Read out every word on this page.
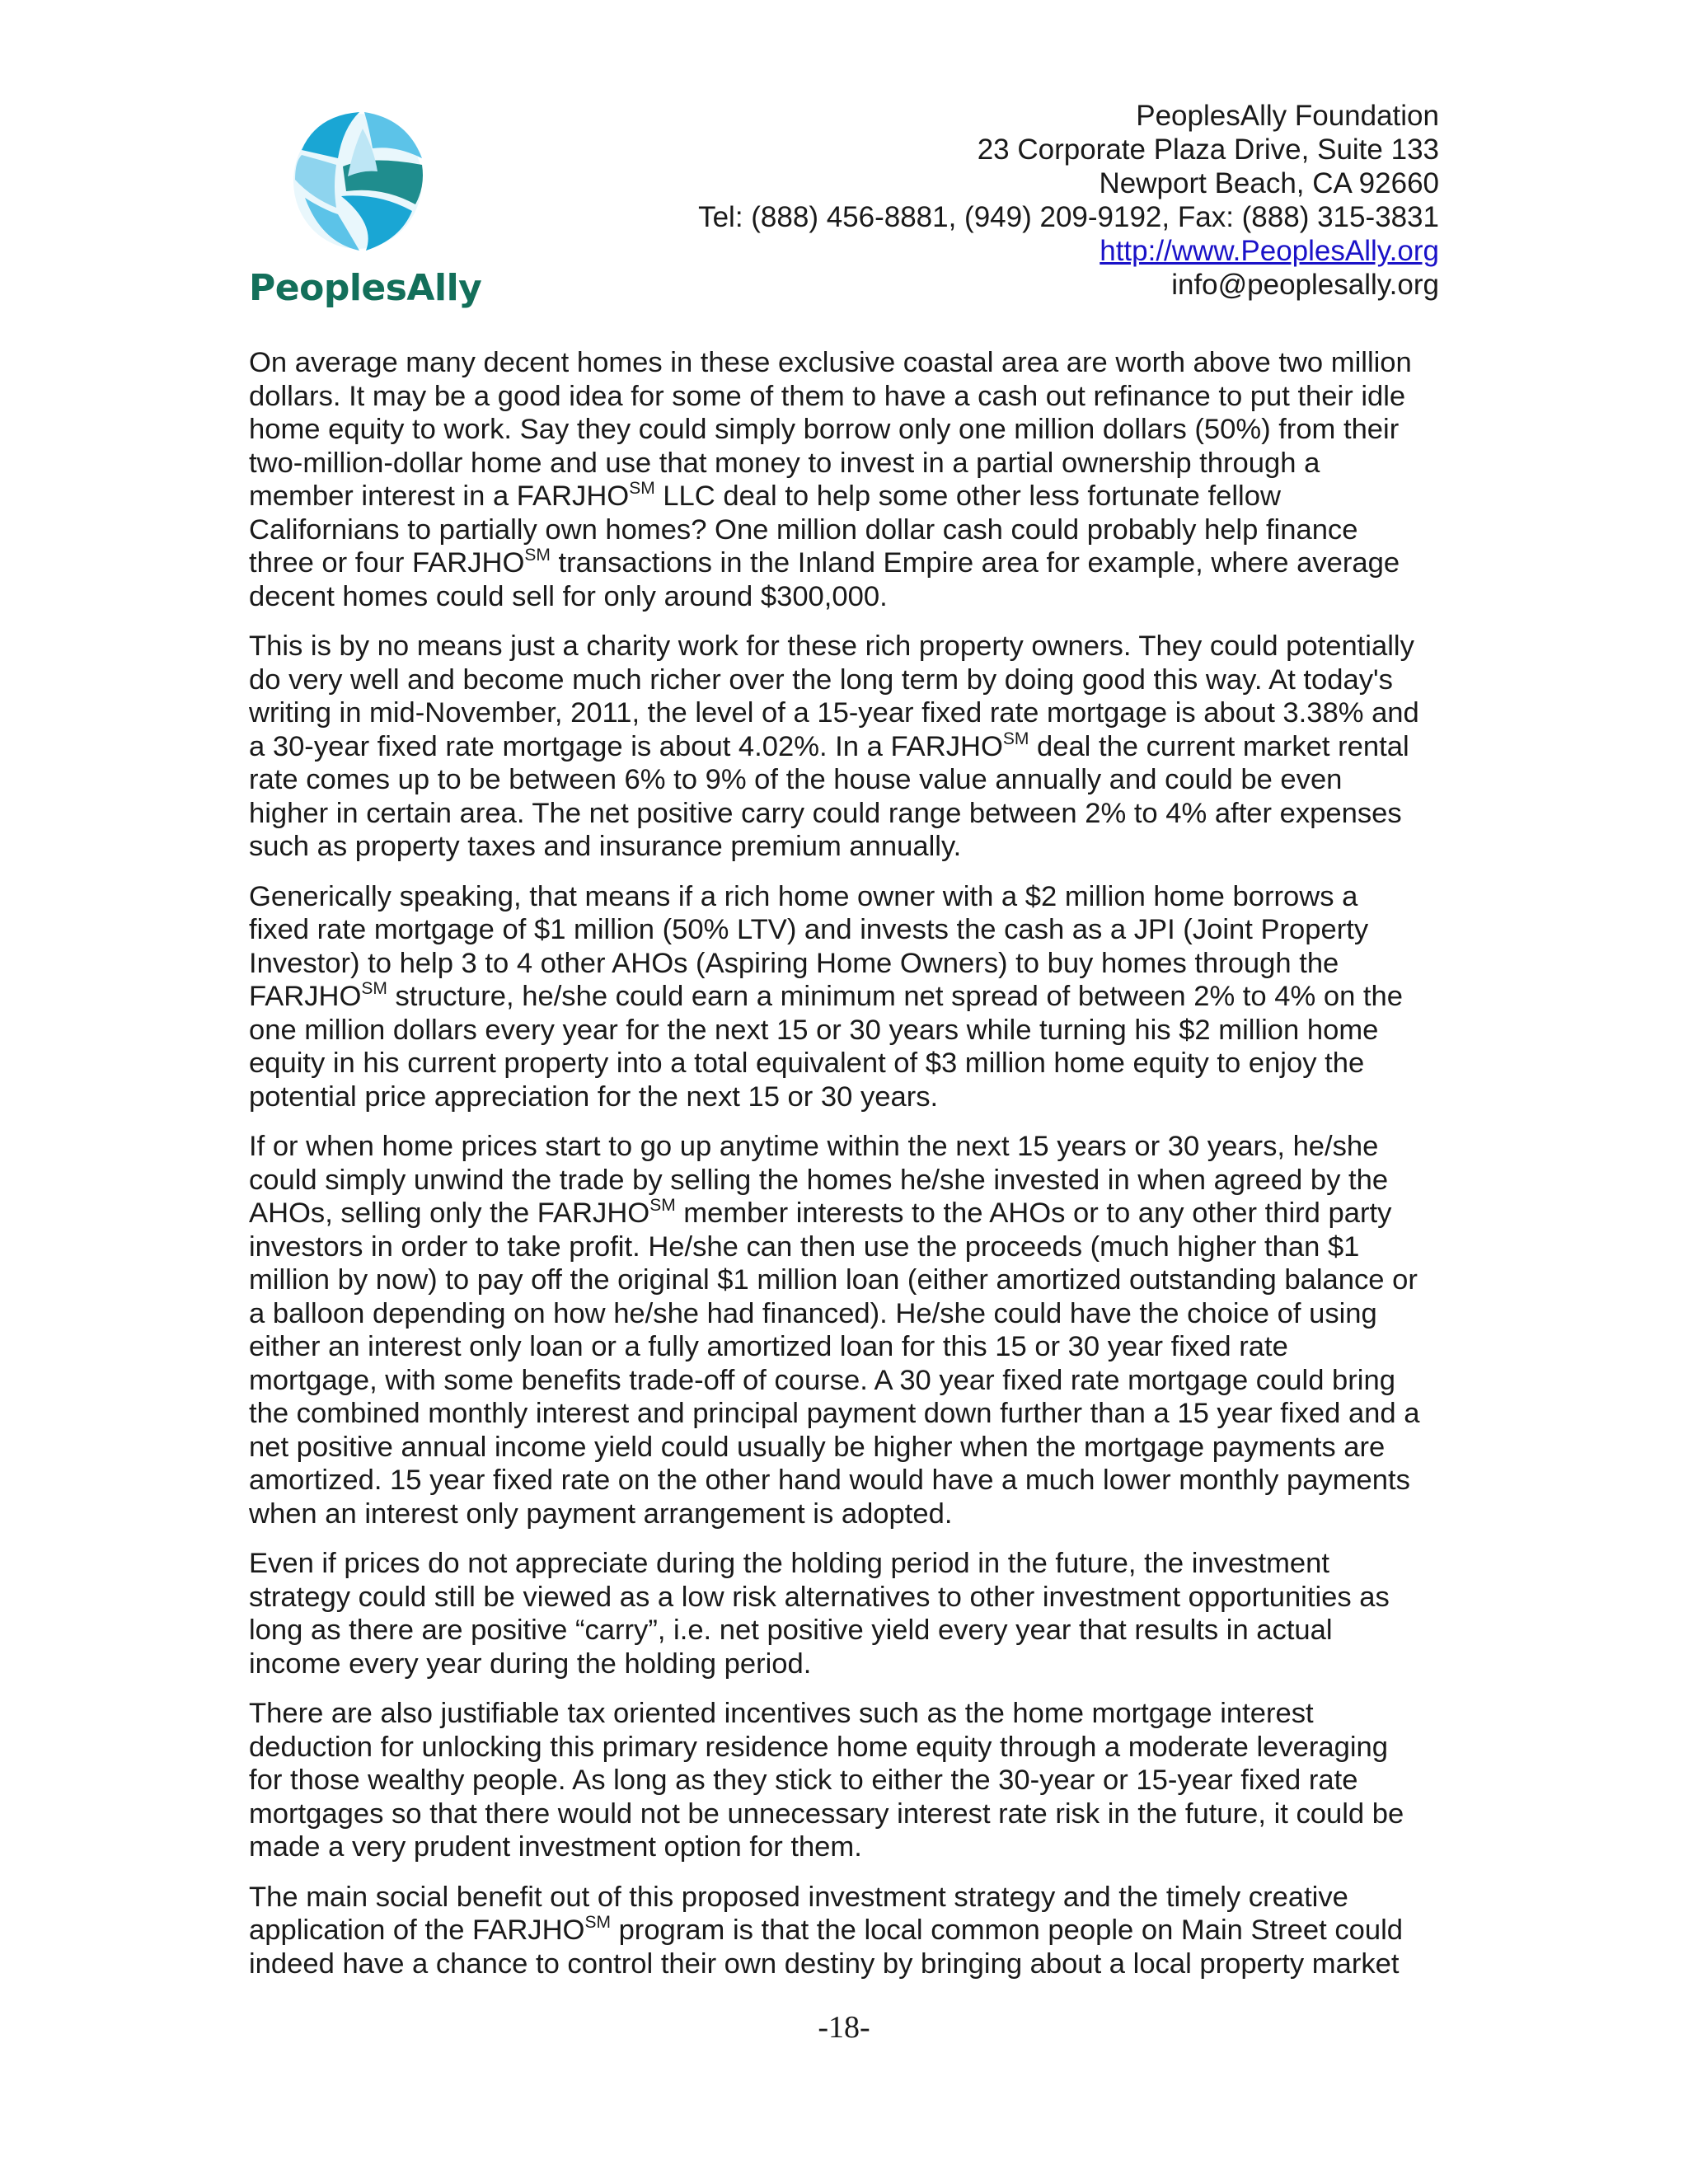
PeoplesAlly
PeoplesAlly Foundation
23 Corporate Plaza Drive, Suite 133
Newport Beach, CA 92660
Tel: (888) 456-8881, (949) 209-9192, Fax: (888) 315-3831
http://www.PeoplesAlly.org
info@peoplesally.org

On average many decent homes in these exclusive coastal area are worth above two million
dollars. It may be a good idea for some of them to have a cash out refinance to put their idle
home equity to work. Say they could simply borrow only one million dollars (50%) from their
two-million-dollar home and use that money to invest in a partial ownership through a
member interest in a FARJHO℠ LLC deal to help some other less fortunate fellow
Californians to partially own homes? One million dollar cash could probably help finance
three or four FARJHO℠ transactions in the Inland Empire area for example, where average
decent homes could sell for only around $300,000.

This is by no means just a charity work for these rich property owners. They could potentially
do very well and become much richer over the long term by doing good this way. At today's
writing in mid-November, 2011, the level of a 15-year fixed rate mortgage is about 3.38% and
a 30-year fixed rate mortgage is about 4.02%. In a FARJHO℠ deal the current market rental
rate comes up to be between 6% to 9% of the house value annually and could be even
higher in certain area. The net positive carry could range between 2% to 4% after expenses
such as property taxes and insurance premium annually.

Generically speaking, that means if a rich home owner with a $2 million home borrows a
fixed rate mortgage of $1 million (50% LTV) and invests the cash as a JPI (Joint Property
Investor) to help 3 to 4 other AHOs (Aspiring Home Owners) to buy homes through the
FARJHO℠ structure, he/she could earn a minimum net spread of between 2% to 4% on the
one million dollars every year for the next 15 or 30 years while turning his $2 million home
equity in his current property into a total equivalent of $3 million home equity to enjoy the
potential price appreciation for the next 15 or 30 years.

If or when home prices start to go up anytime within the next 15 years or 30 years, he/she
could simply unwind the trade by selling the homes he/she invested in when agreed by the
AHOs, selling only the FARJHO℠ member interests to the AHOs or to any other third party
investors in order to take profit. He/she can then use the proceeds (much higher than $1
million by now) to pay off the original $1 million loan (either amortized outstanding balance or
a balloon depending on how he/she had financed). He/she could have the choice of using
either an interest only loan or a fully amortized loan for this 15 or 30 year fixed rate
mortgage, with some benefits trade-off of course. A 30 year fixed rate mortgage could bring
the combined monthly interest and principal payment down further than a 15 year fixed and a
net positive annual income yield could usually be higher when the mortgage payments are
amortized. 15 year fixed rate on the other hand would have a much lower monthly payments
when an interest only payment arrangement is adopted.

Even if prices do not appreciate during the holding period in the future, the investment
strategy could still be viewed as a low risk alternatives to other investment opportunities as
long as there are positive “carry”, i.e. net positive yield every year that results in actual
income every year during the holding period.

There are also justifiable tax oriented incentives such as the home mortgage interest
deduction for unlocking this primary residence home equity through a moderate leveraging
for those wealthy people. As long as they stick to either the 30-year or 15-year fixed rate
mortgages so that there would not be unnecessary interest rate risk in the future, it could be
made a very prudent investment option for them.

The main social benefit out of this proposed investment strategy and the timely creative
application of the FARJHO℠ program is that the local common people on Main Street could
indeed have a chance to control their own destiny by bringing about a local property market

-18-
